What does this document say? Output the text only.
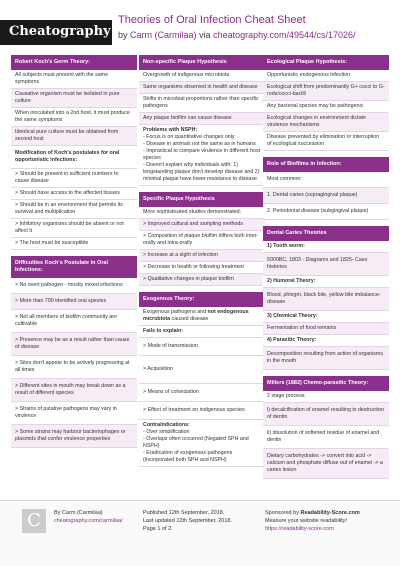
Cheatography
Theories of Oral Infection Cheat Sheet
by Carm (Carmilaa) via cheatography.com/49544/cs/17026/
Robert Koch's Germ Theory:
All subjects must present with the same symptoms
Causative organism must be isolated in pure culture
When inoculated into a 2nd host, it must produce the same symptoms
Identical pure culture must be obtained from second host
Modification of Koch's postulates for oral opportunistic infections:
> Should be present in sufficient numbers to cause disease
> Should have access to the affected tissues
> Should be in an environment that permits its survival and multiplication
> Inhibitory organisms should be absent or not affect it
> The host must be susceptible
Difficulties Koch's Postulate in Oral Infections:
> No overt pathogen - mostly mixed infections
> More than 700 identified oral species
> Not all members of biofilm community are cultivable
> Presence may be as a result rather than cause of disease
> Sites don't appear to be actively progressing at all times
> Different sites in mouth may break down as a result of different species
> Strains of putative pathogens may vary in virulence
> Some strains may harbour bacteriophages or plasmids that confer virulence properties
Non-specific Plaque Hypothesis
Overgrowth of indigenous microbiota
Same organisms observed in health and disease
Shifts in microbial proportions rather than specific pathogens
Any plaque biofilm can cause disease
Problems with NSPH:
- Focus is on quantitative changes only
- Disease in animals not the same as in humans
- Impractical to compare virulence in different host species
- Doesn't explain why individuals with: 1) longstanding plaque don't develop disease and 2) minimal plaque have lower resistance to disease
Specific Plaque Hypothesis
More sophisticated studies demonstrated:
> Improved cultural and sampling methods
> Composition of plaque biofilm differs both inter-orally and intra-orally
> Increase at a sight of infection
> Decrease in health or following treatment
> Qualitative changes in plaque biofilm
Exogenous Theory:
Exogenous pathogens and not endogenous microbiota caused disease
Fails to explain:
> Mode of transmission
> Acquisition
> Means of colonization
> Effect of treatment on indigenous species
Contraindications:
- Over simplification
- Overlaps often occurred (Negated SPH and NSPH)
- Eradication of exogenous pathogens (incorporated both SPH and NSPH)
Ecological Plaque Hypothesis:
Opportunistic endogenous infection
Ecological shift from predominantly G+ cocci to G- rods/cocci-bacilli
Any bacterial species may be pathogenic
Ecological changes in environment dictate virulence mechanisms
Disease prevented by elimination or interruption of ecological succession
Role of Biofilms in Infection:
Most common:
1. Dental caries (supragingival plaque)
2. Periodontal disease (subgingival plaque)
Dental Caries Theories
1) Tooth worm:
5000BC, 1803 - Diagrams and 1825- Case histories
2) Humoral Theory:
Blood, phlegm, black bile, yellow bile imbalance- disease
3) Chemical Theory:
Fermentation of food remains
4) Parasitic Theory:
Decomposition resulting from action of organisms in the mouth
Millers (1882) Chemo-parasitic Theory:
2 stage process:
i) decalcification of enamel resulting in destruction of dentin
ii) dissolution of softened residue of enamel and dentin
Dietary carbohydrates -> convert into acid -> calcium and phosphate diffuse out of enamel -> a caries lesion
C	By Carm (Carmilaa)
cheatography.com/carmilaa/
Published 12th September, 2018.
Last updated 12th September, 2018.
Page 1 of 2.
Sponsored by Readability-Score.com
Measure your website readability!
https://readability-score.com
